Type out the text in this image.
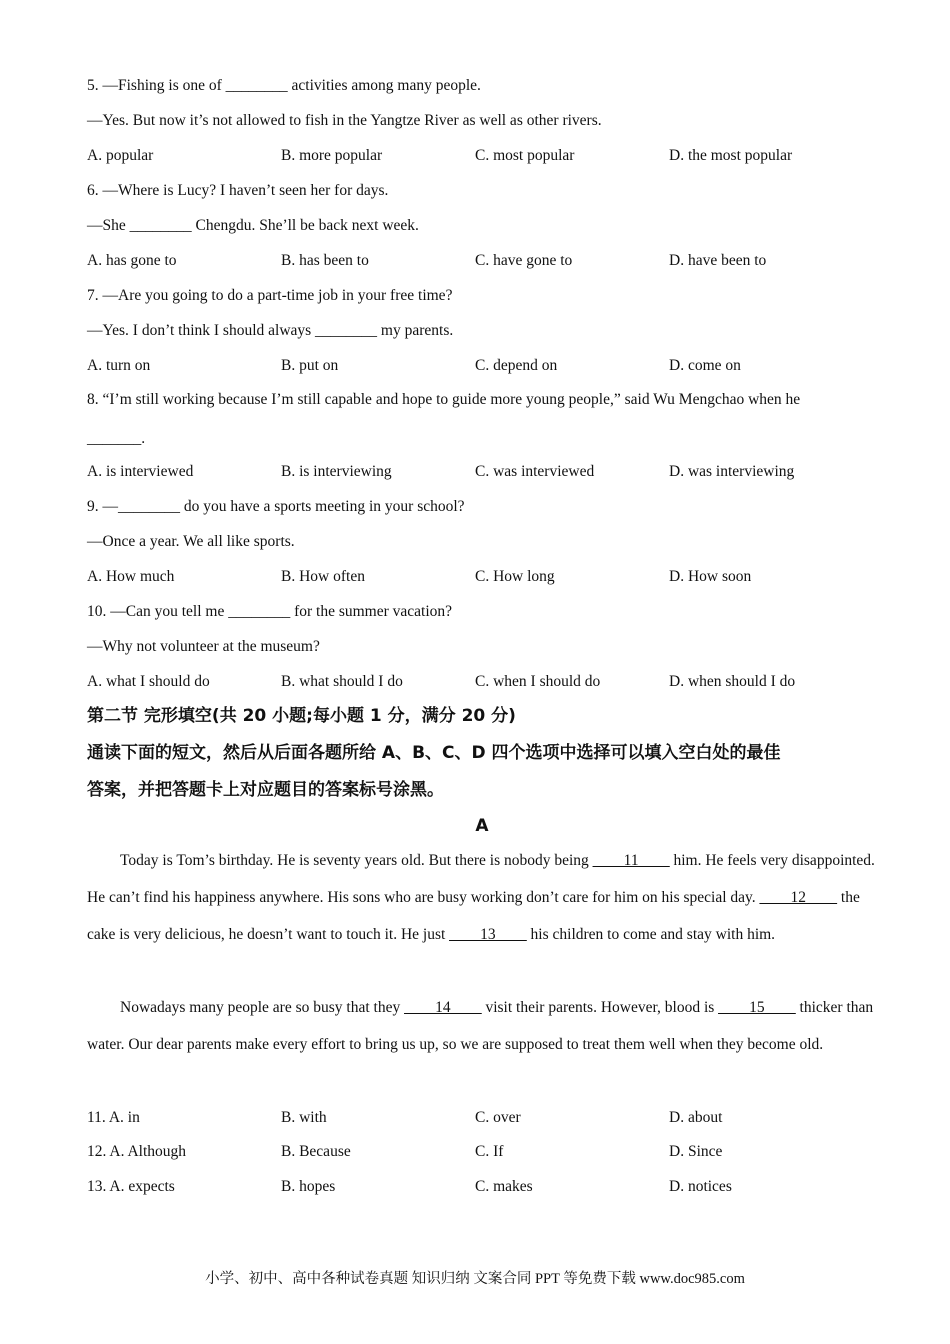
5. —Fishing is one of ________ activities among many people.
—Yes. But now it’s not allowed to fish in the Yangtze River as well as other rivers.
A. popular	B. more popular	C. most popular	D. the most popular
6. —Where is Lucy? I haven’t seen her for days.
—She ________ Chengdu. She’ll be back next week.
A. has gone to	B. has been to	C. have gone to	D. have been to
7. —Are you going to do a part-time job in your free time?
—Yes. I don’t think I should always ________ my parents.
A. turn on	B. put on	C. depend on	D. come on
8. “I’m still working because I’m still capable and hope to guide more young people,” said Wu Mengchao when he
_______.
A. is interviewed	B. is interviewing	C. was interviewed	D. was interviewing
9. —________ do you have a sports meeting in your school?
—Once a year. We all like sports.
A. How much	B. How often	C. How long	D. How soon
10. —Can you tell me ________ for the summer vacation?
—Why not volunteer at the museum?
A. what I should do	B. what should I do	C. when I should do	D. when should I do
第二节 完形填空(共 20 小题;每小题 1 分，满分 20 分)
通读下面的短文，然后从后面各题所给 A、B、C、D 四个选项中选择可以填入空白处的最佳
答案，并把答题卡上对应题目的答案标号涂黑。
A
Today is Tom’s birthday. He is seventy years old. But there is nobody being ____11____ him. He feels very disappointed. He can’t find his happiness anywhere. His sons who are busy working don’t care for him on his special day. ____12____ the cake is very delicious, he doesn’t want to touch it. He just ____13____ his children to come and stay with him.
Nowadays many people are so busy that they ____14____ visit their parents. However, blood is ____15____ thicker than water. Our dear parents make every effort to bring us up, so we are supposed to treat them well when they become old.
11. A. in	B. with	C. over	D. about
12. A. Although	B. Because	C. If	D. Since
13. A. expects	B. hopes	C. makes	D. notices
小学、初中、高中各种试卷真题 知识归纳 文案合同 PPT 等免费下载 www.doc985.com
